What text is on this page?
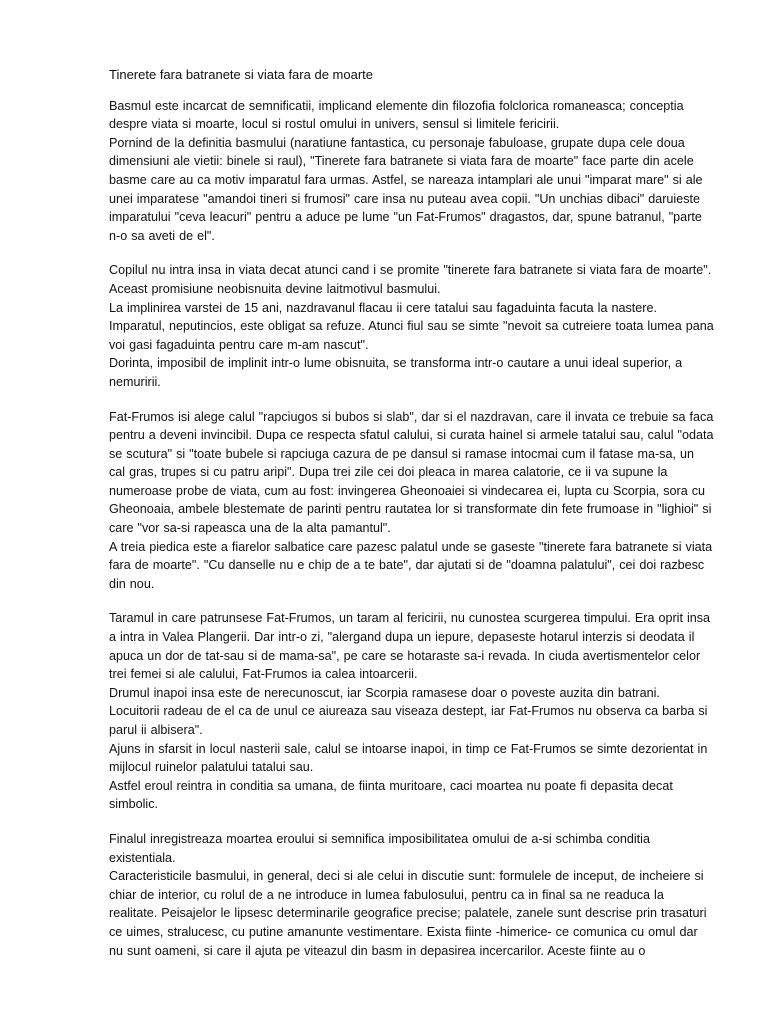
Tinerete fara batranete si viata fara de moarte
Basmul este incarcat de semnificatii, implicand elemente din filozofia folclorica romaneasca; conceptia despre viata si moarte, locul si rostul omului in univers, sensul si limitele fericirii.
Pornind de la definitia basmului (naratiune fantastica, cu personaje fabuloase, grupate dupa cele doua dimensiuni ale vietii: binele si raul), "Tinerete fara batranete si viata fara de moarte" face parte din acele basme care au ca motiv imparatul fara urmas. Astfel, se nareaza intamplari ale unui "imparat mare" si ale unei imparatese "amandoi tineri si frumosi" care insa nu puteau avea copii. "Un unchias dibaci" daruieste imparatului "ceva leacuri" pentru a aduce pe lume "un Fat-Frumos" dragastos, dar, spune batranul, "parte n-o sa aveti de el".
Copilul nu intra insa in viata decat atunci cand i se promite "tinerete fara batranete si viata fara de moarte". Aceast promisiune neobisnuita devine laitmotivul basmului.
La implinirea varstei de 15 ani, nazdravanul flacau ii cere tatalui sau fagaduinta facuta la nastere. Imparatul, neputincios, este obligat sa refuze. Atunci fiul sau se simte "nevoit sa cutreiere toata lumea pana voi gasi fagaduinta pentru care m-am nascut".
Dorinta, imposibil de implinit intr-o lume obisnuita, se transforma intr-o cautare a unui ideal superior, a nemuririi.
Fat-Frumos isi alege calul "rapciugos si bubos si slab", dar si el nazdravan, care il invata ce trebuie sa faca pentru a deveni invincibil. Dupa ce respecta sfatul calului, si curata hainel si armele tatalui sau, calul "odata se scutura" si "toate bubele si rapciuga cazura de pe dansul si ramase intocmai cum il fatase ma-sa, un cal gras, trupes si cu patru aripi". Dupa trei zile cei doi pleaca in marea calatorie, ce ii va supune la numeroase probe de viata, cum au fost: invingerea Gheonoaiei si vindecarea ei, lupta cu Scorpia, sora cu Gheonoaia, ambele blestemate de parinti pentru rautatea lor si transformate din fete frumoase in "lighioi" si care "vor sa-si rapeasca una de la alta pamantul".
A treia piedica este a fiarelor salbatice care pazesc palatul unde se gaseste "tinerete fara batranete si viata fara de moarte". "Cu danselle nu e chip de a te bate", dar ajutati si de "doamna palatului", cei doi razbesc din nou.
Taramul in care patrunsese Fat-Frumos, un taram al fericirii, nu cunostea scurgerea timpului. Era oprit insa a intra in Valea Plangerii. Dar intr-o zi, "alergand dupa un iepure, depaseste hotarul interzis si deodata il apuca un dor de tat-sau si de mama-sa", pe care se hotaraste sa-i revada. In ciuda avertismentelor celor trei femei si ale calului, Fat-Frumos ia calea intoarcerii.
Drumul inapoi insa este de nerecunoscut, iar Scorpia ramasese doar o poveste auzita din batrani.
Locuitorii radeau de el ca de unul ce aiureaza sau viseaza destept, iar Fat-Frumos nu observa ca barba si parul ii albisera".
Ajuns in sfarsit in locul nasterii sale, calul se intoarse inapoi, in timp ce Fat-Frumos se simte dezorientat in mijlocul ruinelor palatului tatalui sau.
Astfel eroul reintra in conditia sa umana, de fiinta muritoare, caci moartea nu poate fi depasita decat simbolic.
Finalul inregistreaza moartea eroului si semnifica imposibilitatea omului de a-si schimba conditia existentiala.
Caracteristicile basmului, in general, deci si ale celui in discutie sunt: formulele de inceput, de incheiere si chiar de interior, cu rolul de a ne introduce in lumea fabulosului, pentru ca in final sa ne readuca la realitate. Peisajelor le lipsesc determinarile geografice precise; palatele, zanele sunt descrise prin trasaturi ce uimes, stralucesc, cu putine amanunte vestimentare. Exista fiinte -himerice- ce comunica cu omul dar nu sunt oameni, si care il ajuta pe viteazul din basm in depasirea incercarilor. Aceste fiinte au o
